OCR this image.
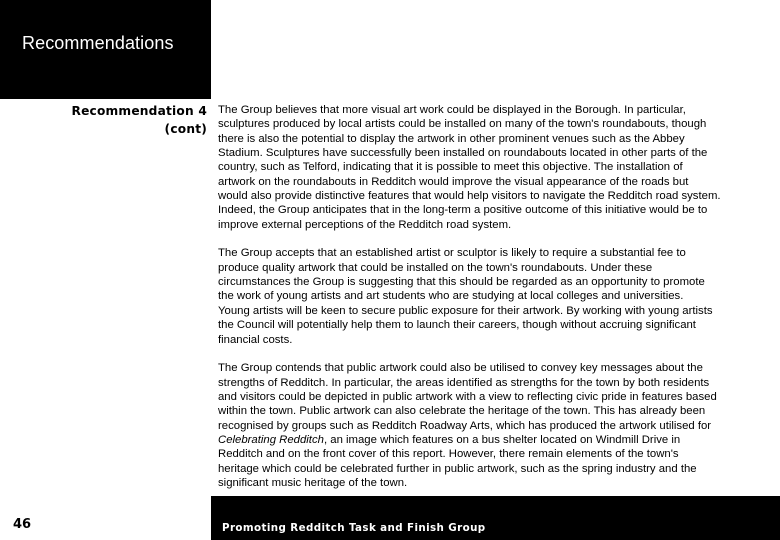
Recommendations
Recommendation 4
(cont)
The Group believes that more visual art work could be displayed in the Borough. In particular,
sculptures produced by local artists could be installed on many of the town's roundabouts, though
there is also the potential to display the artwork in other prominent venues such as the Abbey
Stadium. Sculptures have successfully been installed on roundabouts located in other parts of the
country, such as Telford, indicating that it is possible to meet this objective. The installation of
artwork on the roundabouts in Redditch would improve the visual appearance of the roads but
would also provide distinctive features that would help visitors to navigate the Redditch road system.
Indeed, the Group anticipates that in the long-term a positive outcome of this initiative would be to
improve external perceptions of the Redditch road system.
The Group accepts that an established artist or sculptor is likely to require a substantial fee to
produce quality artwork that could be installed on the town's roundabouts. Under these
circumstances the Group is suggesting that this should be regarded as an opportunity to promote
the work of young artists and art students who are studying at local colleges and universities.
Young artists will be keen to secure public exposure for their artwork. By working with young artists
the Council will potentially help them to launch their careers, though without accruing significant
financial costs.
The Group contends that public artwork could also be utilised to convey key messages about the
strengths of Redditch. In particular, the areas identified as strengths for the town by both residents
and visitors could be depicted in public artwork with a view to reflecting civic pride in features based
within the town. Public artwork can also celebrate the heritage of the town. This has already been
recognised by groups such as Redditch Roadway Arts, which has produced the artwork utilised for
Celebrating Redditch, an image which features on a bus shelter located on Windmill Drive in
Redditch and on the front cover of this report. However, there remain elements of the town's
heritage which could be celebrated further in public artwork, such as the spring industry and the
significant music heritage of the town.
46	Promoting Redditch Task and Finish Group
